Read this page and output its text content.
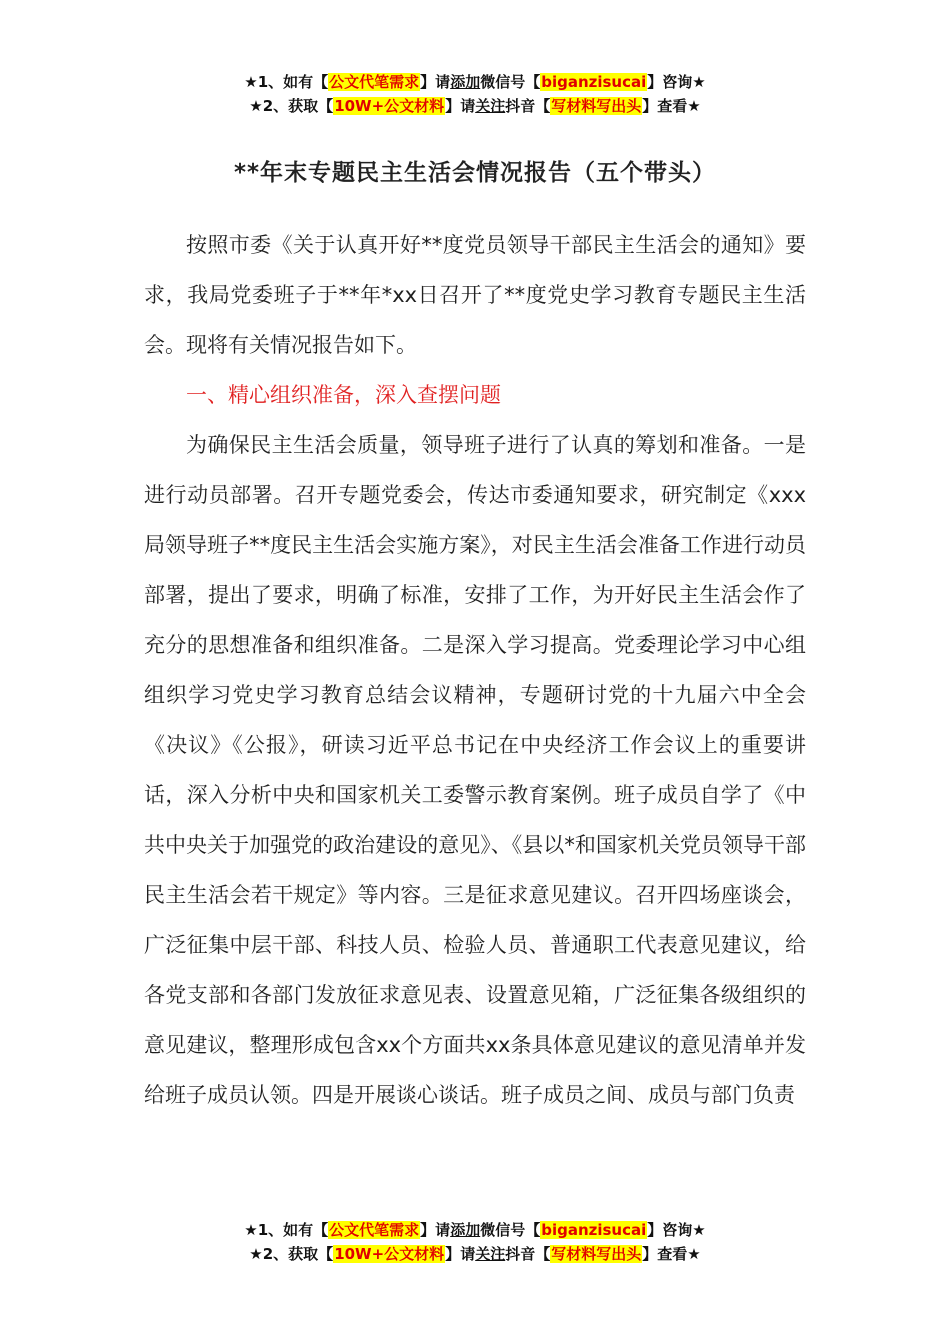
★1、如有【公文代笔需求】请添加微信号【biganzisucai】咨询★
★2、获取【10W+公文材料】请关注抖音【写材料写出头】查看★
**年末专题民主生活会情况报告（五个带头）

按照市委《关于认真开好**度党员领导干部民主生活会的通知》要求，我局党委班子于**年*xx日召开了**度党史学习教育专题民主生活会。现将有关情况报告如下。

一、精心组织准备，深入查摆问题

为确保民主生活会质量，领导班子进行了认真的筹划和准备。一是进行动员部署。召开专题党委会，传达市委通知要求，研究制定《xxx局领导班子**度民主生活会实施方案》，对民主生活会准备工作进行动员部署，提出了要求，明确了标准，安排了工作，为开好民主生活会作了充分的思想准备和组织准备。二是深入学习提高。党委理论学习中心组组织学习党史学习教育总结会议精神，专题研讨党的十九届六中全会《决议》《公报》，研读习近平总书记在中央经济工作会议上的重要讲话，深入分析中央和国家机关工委警示教育案例。班子成员自学了《中共中央关于加强党的政治建设的意见》、《县以*和国家机关党员领导干部民主生活会若干规定》等内容。三是征求意见建议。召开四场座谈会，广泛征集中层干部、科技人员、检验人员、普通职工代表意见建议，给各党支部和各部门发放征求意见表、设置意见箱，广泛征集各级组织的意见建议，整理形成包含xx个方面共xx条具体意见建议的意见清单并发给班子成员认领。四是开展谈心谈话。班子成员之间、成员与部门负责

★1、如有【公文代笔需求】请添加微信号【biganzisucai】咨询★
★2、获取【10W+公文材料】请关注抖音【写材料写出头】查看★
